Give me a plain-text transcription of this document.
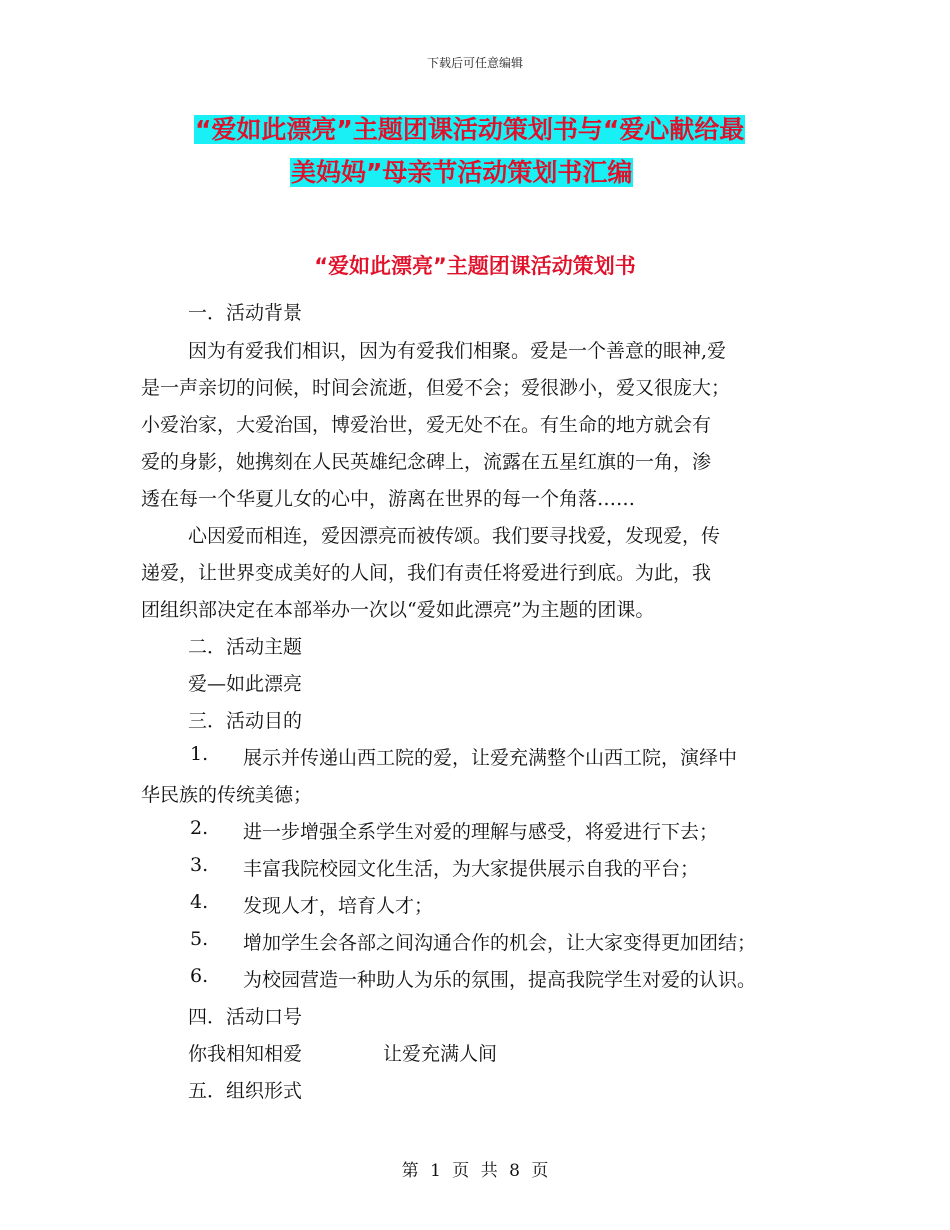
下载后可任意编辑
“爱如此漂亮”主题团课活动策划书与“爱心献给最
美妈妈”母亲节活动策划书汇编
“爱如此漂亮”主题团课活动策划书
一．活动背景
因为有爱我们相识，因为有爱我们相聚。爱是一个善意的眼神,爱
是一声亲切的问候，时间会流逝，但爱不会；爱很渺小，爱又很庞大；
小爱治家，大爱治国，博爱治世，爱无处不在。有生命的地方就会有
爱的身影，她携刻在人民英雄纪念碑上，流露在五星红旗的一角，渗
透在每一个华夏儿女的心中，游离在世界的每一个角落……
心因爱而相连，爱因漂亮而被传颂。我们要寻找爱，发现爱，传
递爱，让世界变成美好的人间，我们有责任将爱进行到底。为此，我
团组织部决定在本部举办一次以“爱如此漂亮”为主题的团课。
二．活动主题
爱—如此漂亮
三．活动目的
1. 展示并传递山西工院的爱，让爱充满整个山西工院，演绎中
华民族的传统美德；
2. 进一步增强全系学生对爱的理解与感受，将爱进行下去；
3. 丰富我院校园文化生活，为大家提供展示自我的平台；
4. 发现人才，培育人才；
5. 增加学生会各部之间沟通合作的机会，让大家变得更加团结；
6. 为校园营造一种助人为乐的氛围，提高我院学生对爱的认识。
四．活动口号
你我相知相爱	让爱充满人间
五．组织形式
第 1 页 共 8 页
